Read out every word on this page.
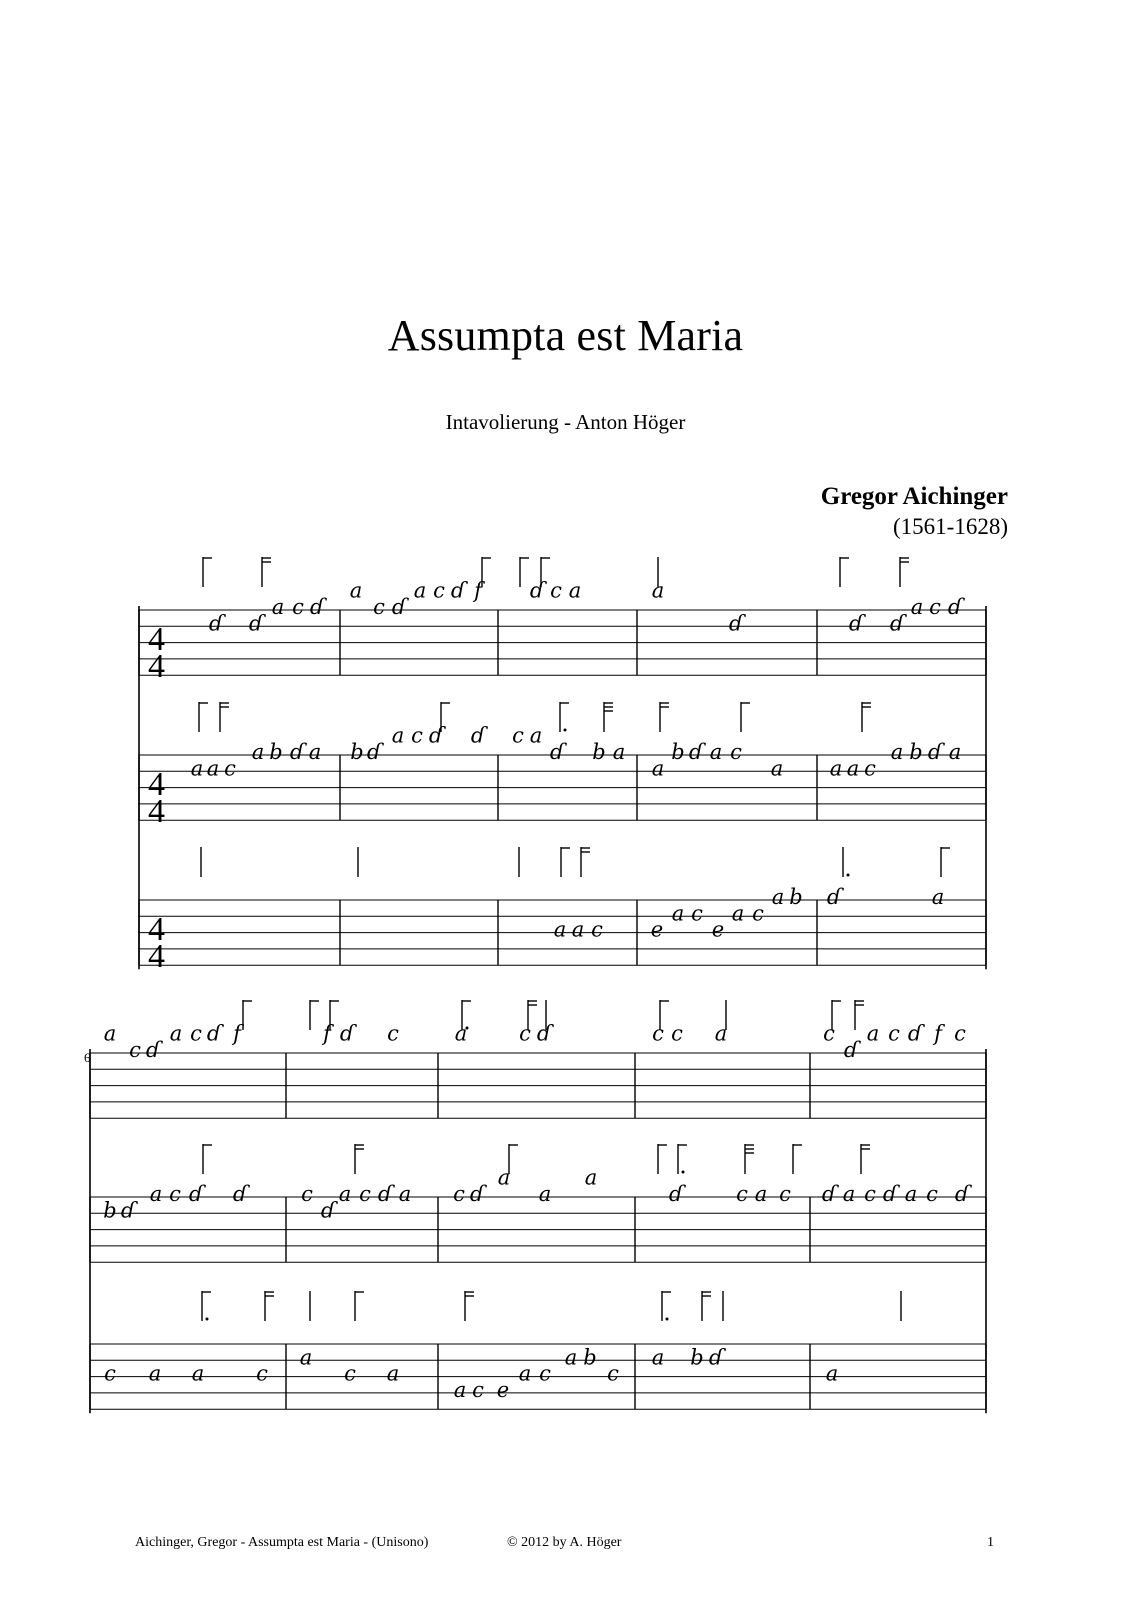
Assumpta est Maria
Intavolierung - Anton Höger
Gregor Aichinger
(1561-1628)
4
4
ɗ ɗ
a c ɗ
a
c ɗ
a c ɗ f ɗ c a	a
ɗ	ɗ ɗ
a c ɗ
4
4
a a c
a b ɗ a b ɗ
a c ɗ ɗ c a
ɗ b a
a
b ɗ a c
a a a c
a b ɗ a
4
4
a a c e
a c
e
a c
a b ɗ	a
a
c ɗ
a c ɗ f	f ɗ c	a c ɗ	c c a	c
ɗ
a c ɗ f c
b ɗ
a c ɗ ɗ	c
ɗ
a c ɗ a c ɗ
a
a
a
ɗ	c a c ɗ a c ɗ a c ɗ
c a a c
a
c a
a c e
a c
a b
c
a b ɗ
a
6
Aichinger, Gregor - Assumpta est Maria - (Unisono)	© 2012 by A. Höger	1
